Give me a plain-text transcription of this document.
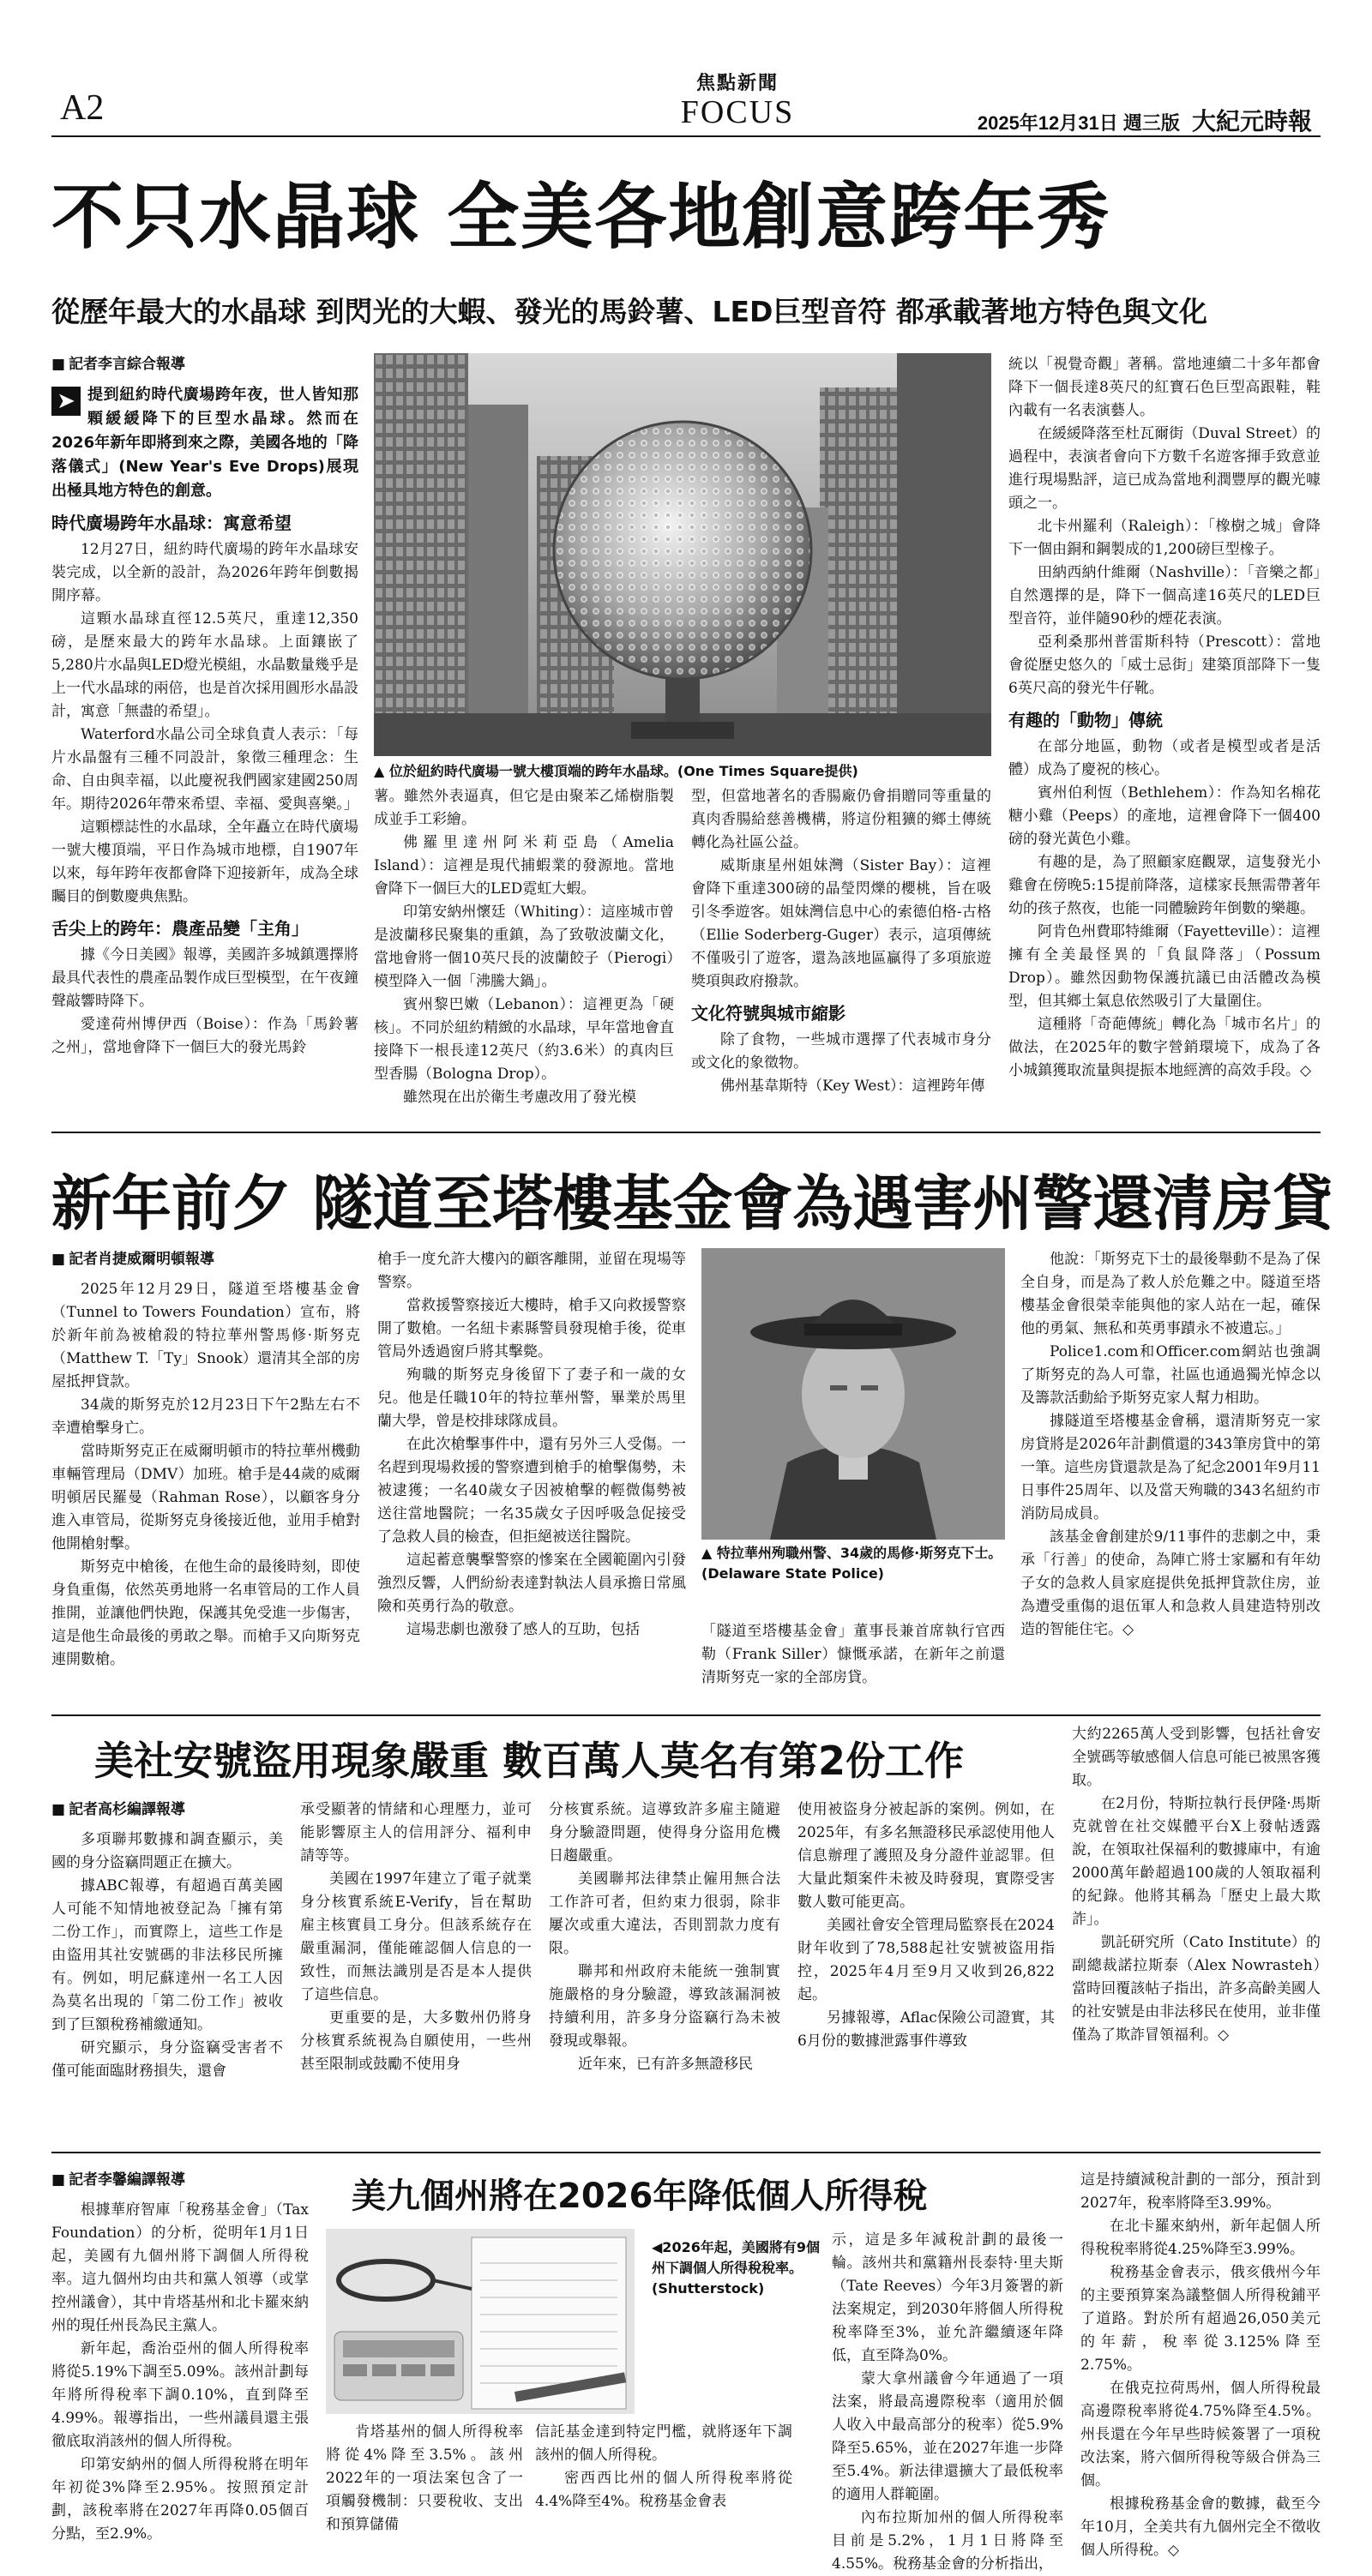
A2
焦點新聞
FOCUS	2025年12月31日 週三版 大紀元時報
不只水晶球 全美各地創意跨年秀
從歷年最大的水晶球 到閃光的大蝦、發光的馬鈴薯、LED巨型音符 都承載著地方特色與文化
■ 記者李言綜合報導
➤ 提到紐約時代廣場跨年夜，世人皆知那顆緩緩降下的巨型水晶球。然而在2026年新年即將到來之際，美國各地的「降落儀式」(New Year's Eve Drops)展現出極具地方特色的創意。
時代廣場跨年水晶球：寓意希望

12月27日，紐約時代廣場的跨年水晶球安裝完成，以全新的設計，為2026年跨年倒數揭開序幕。

這顆水晶球直徑12.5英尺，重達12,350磅，是歷來最大的跨年水晶球。上面鑲嵌了5,280片水晶與LED燈光模組，水晶數量幾乎是上一代水晶球的兩倍，也是首次採用圓形水晶設計，寓意「無盡的希望」。

Waterford水晶公司全球負責人表示：「每片水晶盤有三種不同設計，象徵三種理念：生命、自由與幸福，以此慶祝我們國家建國250周年。期待2026年帶來希望、幸福、愛與喜樂。」

這顆標誌性的水晶球，全年矗立在時代廣場一號大樓頂端，平日作為城市地標，自1907年以來，每年跨年夜都會降下迎接新年，成為全球矚目的倒數慶典焦點。

舌尖上的跨年：農產品變「主角」

據《今日美國》報導，美國許多城鎮選擇將最具代表性的農產品製作成巨型模型，在午夜鐘聲敲響時降下。

愛達荷州博伊西（Boise）：作為「馬鈴薯之州」，當地會降下一個巨大的發光馬鈴

▲ 位於紐約時代廣場一號大樓頂端的跨年水晶球。(One Times Square提供)

薯。雖然外表逼真，但它是由聚苯乙烯樹脂製成並手工彩繪。

佛羅里達州阿米莉亞島（Amelia Island）：這裡是現代捕蝦業的發源地。當地會降下一個巨大的LED霓虹大蝦。

印第安納州懷廷（Whiting）：這座城市曾是波蘭移民聚集的重鎮，為了致敬波蘭文化，當地會將一個10英尺長的波蘭餃子（Pierogi）模型降入一個「沸騰大鍋」。

賓州黎巴嫩（Lebanon）：這裡更為「硬核」。不同於紐約精緻的水晶球，早年當地會直接降下一根長達12英尺（約3.6米）的真肉巨型香腸（Bologna Drop）。

雖然現在出於衛生考慮改用了發光模

型，但當地著名的香腸廠仍會捐贈同等重量的真肉香腸給慈善機構，將這份粗獷的鄉土傳統轉化為社區公益。

威斯康星州姐妹灣（Sister Bay）：這裡會降下重達300磅的晶瑩閃爍的櫻桃，旨在吸引冬季遊客。姐妹灣信息中心的索德伯格-古格（Ellie Soderberg-Guger）表示，這項傳統不僅吸引了遊客，還為該地區贏得了多項旅遊獎項與政府撥款。

文化符號與城市縮影

除了食物，一些城市選擇了代表城市身分或文化的象徵物。

佛州基韋斯特（Key West）：這裡跨年傳

統以「視覺奇觀」著稱。當地連續二十多年都會降下一個長達8英尺的紅寶石色巨型高跟鞋，鞋內載有一名表演藝人。

在緩緩降落至杜瓦爾街（Duval Street）的過程中，表演者會向下方數千名遊客揮手致意並進行現場點評，這已成為當地利潤豐厚的觀光噱頭之一。

北卡州羅利（Raleigh）：「橡樹之城」會降下一個由銅和鋼製成的1,200磅巨型橡子。

田納西納什維爾（Nashville）：「音樂之都」自然選擇的是，降下一個高達16英尺的LED巨型音符，並伴隨90秒的煙花表演。

亞利桑那州普雷斯科特（Prescott）：當地會從歷史悠久的「威士忌街」建築頂部降下一隻6英尺高的發光牛仔靴。

有趣的「動物」傳統

在部分地區，動物（或者是模型或者是活體）成為了慶祝的核心。

賓州伯利恆（Bethlehem）：作為知名棉花糖小雞（Peeps）的產地，這裡會降下一個400磅的發光黃色小雞。

有趣的是，為了照顧家庭觀眾，這隻發光小雞會在傍晚5:15提前降落，這樣家長無需帶著年幼的孩子熬夜，也能一同體驗跨年倒數的樂趣。

阿肯色州費耶特維爾（Fayetteville）：這裡擁有全美最怪異的「負鼠降落」（Possum Drop）。雖然因動物保護抗議已由活體改為模型，但其鄉土氣息依然吸引了大量圍住。

這種將「奇葩傳統」轉化為「城市名片」的做法，在2025年的數字營銷環境下，成為了各小城鎮獲取流量與提振本地經濟的高效手段。◇

新年前夕 隧道至塔樓基金會為遇害州警還清房貸
■ 記者肖捷威爾明頓報導

2025年12月29日，隧道至塔樓基金會（Tunnel to Towers Foundation）宣布，將於新年前為被槍殺的特拉華州警馬修·斯努克（Matthew T.「Ty」Snook）還清其全部的房屋抵押貸款。

34歲的斯努克於12月23日下午2點左右不幸遭槍擊身亡。

當時斯努克正在威爾明頓市的特拉華州機動車輛管理局（DMV）加班。槍手是44歲的威爾明頓居民羅曼（Rahman Rose），以顧客身分進入車管局，從斯努克身後接近他，並用手槍對他開槍射擊。

斯努克中槍後，在他生命的最後時刻，即使身負重傷，依然英勇地將一名車管局的工作人員推開，並讓他們快跑，保護其免受進一步傷害，這是他生命最後的勇敢之舉。而槍手又向斯努克連開數槍。

槍手一度允許大樓內的顧客離開，並留在現場等警察。

當救援警察接近大樓時，槍手又向救援警察開了數槍。一名紐卡素縣警員發現槍手後，從車管局外透過窗戶將其擊斃。

殉職的斯努克身後留下了妻子和一歲的女兒。他是任職10年的特拉華州警，畢業於馬里蘭大學，曾是校排球隊成員。

在此次槍擊事件中，還有另外三人受傷。一名趕到現場救援的警察遭到槍手的槍擊傷勢，未被逮獲；一名40歲女子因被槍擊的輕微傷勢被送往當地醫院；一名35歲女子因呼吸急促接受了急救人員的檢查，但拒絕被送往醫院。

這起蓄意襲擊警察的慘案在全國範圍內引發強烈反響，人們紛紛表達對執法人員承擔日常風險和英勇行為的敬意。

這場悲劇也激發了感人的互助，包括

▲ 特拉華州殉職州警、34歲的馬修·斯努克下士。(Delaware State Police)

「隧道至塔樓基金會」董事長兼首席執行官西勒（Frank Siller）慷慨承諾，在新年之前還清斯努克一家的全部房貸。

他說：「斯努克下士的最後舉動不是為了保全自身，而是為了救人於危難之中。隧道至塔樓基金會很榮幸能與他的家人站在一起，確保他的勇氣、無私和英勇事蹟永不被遺忘。」

Police1.com和Officer.com網站也強調了斯努克的為人可靠，社區也通過獨光悼念以及籌款活動給予斯努克家人幫力相助。

據隧道至塔樓基金會稱，還清斯努克一家房貸將是2026年計劃償還的343筆房貸中的第一筆。這些房貸還款是為了紀念2001年9月11日事件25周年、以及當天殉職的343名紐約市消防局成員。

該基金會創建於9/11事件的悲劇之中，秉承「行善」的使命，為陣亡將士家屬和有年幼子女的急救人員家庭提供免抵押貸款住房，並為遭受重傷的退伍軍人和急救人員建造特別改造的智能住宅。◇

美社安號盜用現象嚴重 數百萬人莫名有第2份工作
■ 記者高杉編譯報導

多項聯邦數據和調查顯示，美國的身分盜竊問題正在擴大。

據ABC報導，有超過百萬美國人可能不知情地被登記為「擁有第二份工作」，而實際上，這些工作是由盜用其社安號碼的非法移民所擁有。例如，明尼蘇達州一名工人因為莫名出現的「第二份工作」被收到了巨額稅務補繳通知。

研究顯示，身分盜竊受害者不僅可能面臨財務損失，還會

承受顯著的情緒和心理壓力，並可能影響原主人的信用評分、福利申請等等。

美國在1997年建立了電子就業身分核實系統E-Verify，旨在幫助雇主核實員工身分。但該系統存在嚴重漏洞，僅能確認個人信息的一致性，而無法識別是否是本人提供了這些信息。

更重要的是，大多數州仍將身分核實系統視為自願使用，一些州甚至限制或鼓勵不使用身

分核實系統。這導致許多雇主隨避身分驗證問題，使得身分盜用危機日趨嚴重。

美國聯邦法律禁止僱用無合法工作許可者，但約束力很弱，除非屢次或重大違法，否則罰款力度有限。

聯邦和州政府未能統一強制實施嚴格的身分驗證，導致該漏洞被持續利用，許多身分盜竊行為未被發現或舉報。

近年來，已有許多無證移民

使用被盜身分被起訴的案例。例如，在2025年，有多名無證移民承認使用他人信息辦理了護照及身分證件並認罪。但大量此類案件未被及時發現，實際受害數人數可能更高。

美國社會安全管理局監察長在2024財年收到了78,588起社安號被盜用指控，2025年4月至9月又收到26,822起。

另據報導，Aflac保險公司證實，其6月份的數據泄露事件導致

大約2265萬人受到影響，包括社會安全號碼等敏感個人信息可能已被黑客獲取。

在2月份，特斯拉執行長伊隆·馬斯克就曾在社交媒體平台X上發帖透露說，在領取社保福利的數據庫中，有逾2000萬年齡超過100歲的人領取福利的紀錄。他將其稱為「歷史上最大欺詐」。

凱託研究所（Cato Institute）的副總裁諾拉斯泰（Alex Nowrasteh）當時回覆該帖子指出，許多高齡美國人的社安號是由非法移民在使用，並非僅僅為了欺詐冒領福利。◇

美九個州將在2026年降低個人所得稅
■ 記者李馨編譯報導

根據華府智庫「稅務基金會」（Tax Foundation）的分析，從明年1月1日起，美國有九個州將下調個人所得稅率。這九個州均由共和黨人領導（或掌控州議會），其中肯塔基州和北卡羅來納州的現任州長為民主黨人。

新年起，喬治亞州的個人所得稅率將從5.19%下調至5.09%。該州計劃每年將所得稅率下調0.10%，直到降至4.99%。報導指出，一些州議員還主張徹底取消該州的個人所得稅。

印第安納州的個人所得稅將在明年年初從3%降至2.95%。按照預定計劃，該稅率將在2027年再降0.05個百分點，至2.9%。

◀2026年起，美國將有9個州下調個人所得稅稅率。(Shutterstock)

肯塔基州的個人所得稅率將從4%降至3.5%。該州2022年的一項法案包含了一項觸發機制：只要稅收、支出和預算儲備

信託基金達到特定門檻，就將逐年下調該州的個人所得稅。

密西西比州的個人所得稅率將從4.4%降至4%。稅務基金會表

示，這是多年減稅計劃的最後一輪。該州共和黨籍州長泰特·里夫斯（Tate Reeves）今年3月簽署的新法案規定，到2030年將個人所得稅稅率降至3%，並允許繼續逐年降低，直至降為0%。

蒙大拿州議會今年通過了一項法案，將最高邊際稅率（適用於個人收入中最高部分的稅率）從5.9%降至5.65%，並在2027年進一步降至5.4%。新法律還擴大了最低稅率的適用人群範圍。

內布拉斯加州的個人所得稅率目前是5.2%，1月1日將降至4.55%。稅務基金會的分析指出，

這是持續減稅計劃的一部分，預計到2027年，稅率將降至3.99%。

在北卡羅來納州，新年起個人所得稅稅率將從4.25%降至3.99%。

稅務基金會表示，俄亥俄州今年的主要預算案為議整個人所得稅鋪平了道路。對於所有超過26,050美元的年薪，稅率從3.125%降至2.75%。

在俄克拉荷馬州，個人所得稅最高邊際稅率將從4.75%降至4.5%。州長還在今年早些時候簽署了一項稅改法案，將六個所得稅等級合併為三個。

根據稅務基金會的數據，截至今年10月，全美共有九個州完全不徵收個人所得稅。◇
